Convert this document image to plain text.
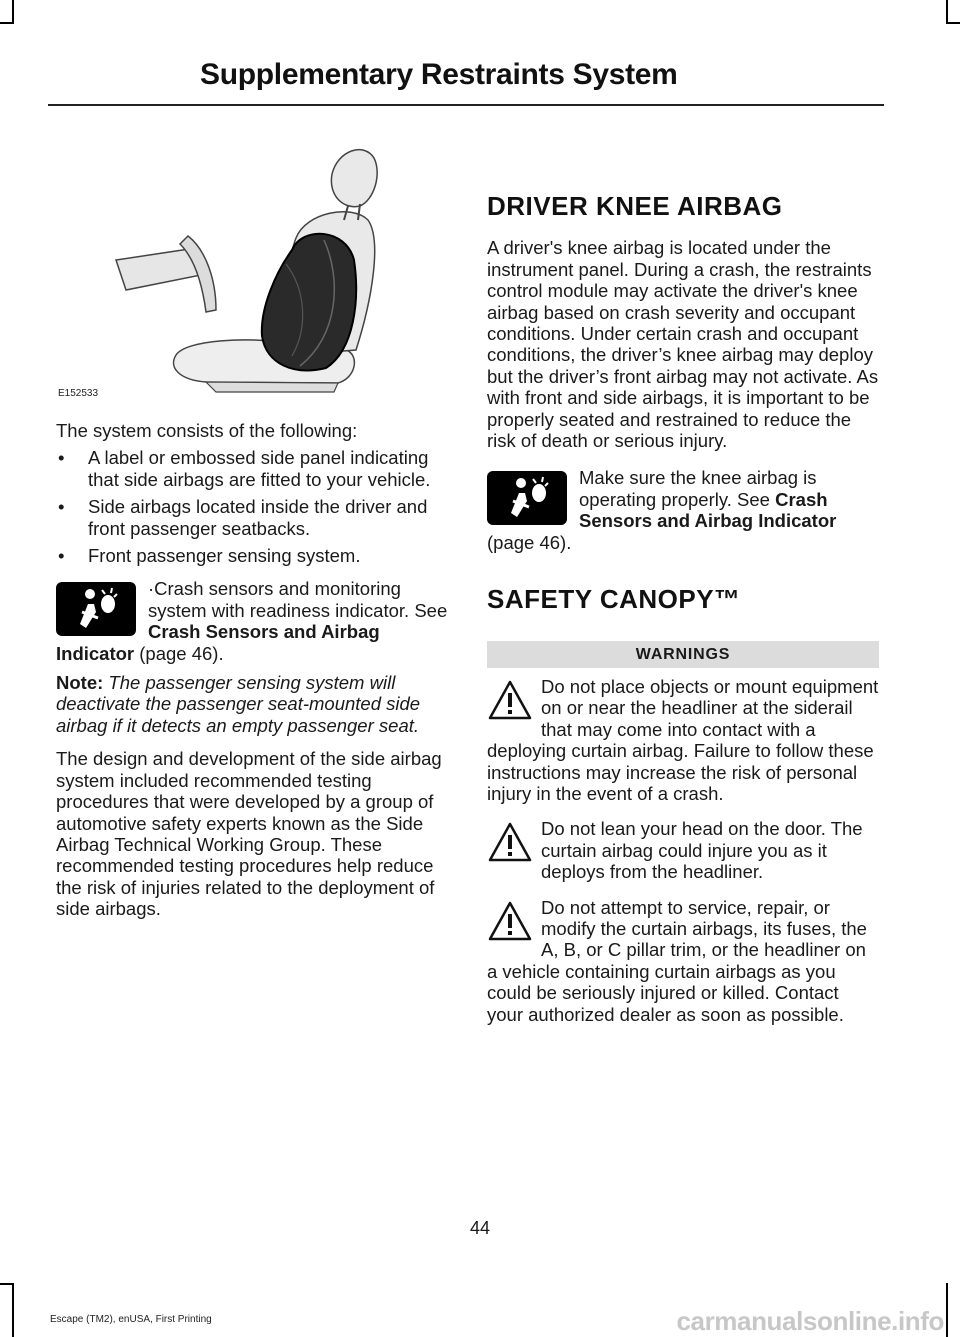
Supplementary Restraints System
E152533

The system consists of the following:

• A label or embossed side panel indicating that side airbags are fitted to your vehicle.
• Side airbags located inside the driver and front passenger seatbacks.
• Front passenger sensing system.
·Crash sensors and monitoring system with readiness indicator. See Crash Sensors and Airbag Indicator (page 46).

Note: The passenger sensing system will deactivate the passenger seat-mounted side airbag if it detects an empty passenger seat.

The design and development of the side airbag system included recommended testing procedures that were developed by a group of automotive safety experts known as the Side Airbag Technical Working Group. These recommended testing procedures help reduce the risk of injuries related to the deployment of side airbags.

DRIVER KNEE AIRBAG

A driver's knee airbag is located under the instrument panel. During a crash, the restraints control module may activate the driver's knee airbag based on crash severity and occupant conditions. Under certain crash and occupant conditions, the driver’s knee airbag may deploy but the driver’s front airbag may not activate. As with front and side airbags, it is important to be properly seated and restrained to reduce the risk of death or serious injury.

Make sure the knee airbag is operating properly. See Crash Sensors and Airbag Indicator (page 46).
SAFETY CANOPY™
WARNINGS
Do not place objects or mount equipment on or near the headliner at the siderail that may come into contact with a deploying curtain airbag. Failure to follow these instructions may increase the risk of personal injury in the event of a crash.
Do not lean your head on the door. The curtain airbag could injure you as it deploys from the headliner.
Do not attempt to service, repair, or modify the curtain airbags, its fuses, the A, B, or C pillar trim, or the headliner on a vehicle containing curtain airbags as you could be seriously injured or killed. Contact your authorized dealer as soon as possible.
44
Escape (TM2), enUSA, First Printing	carmanualsonline.info
